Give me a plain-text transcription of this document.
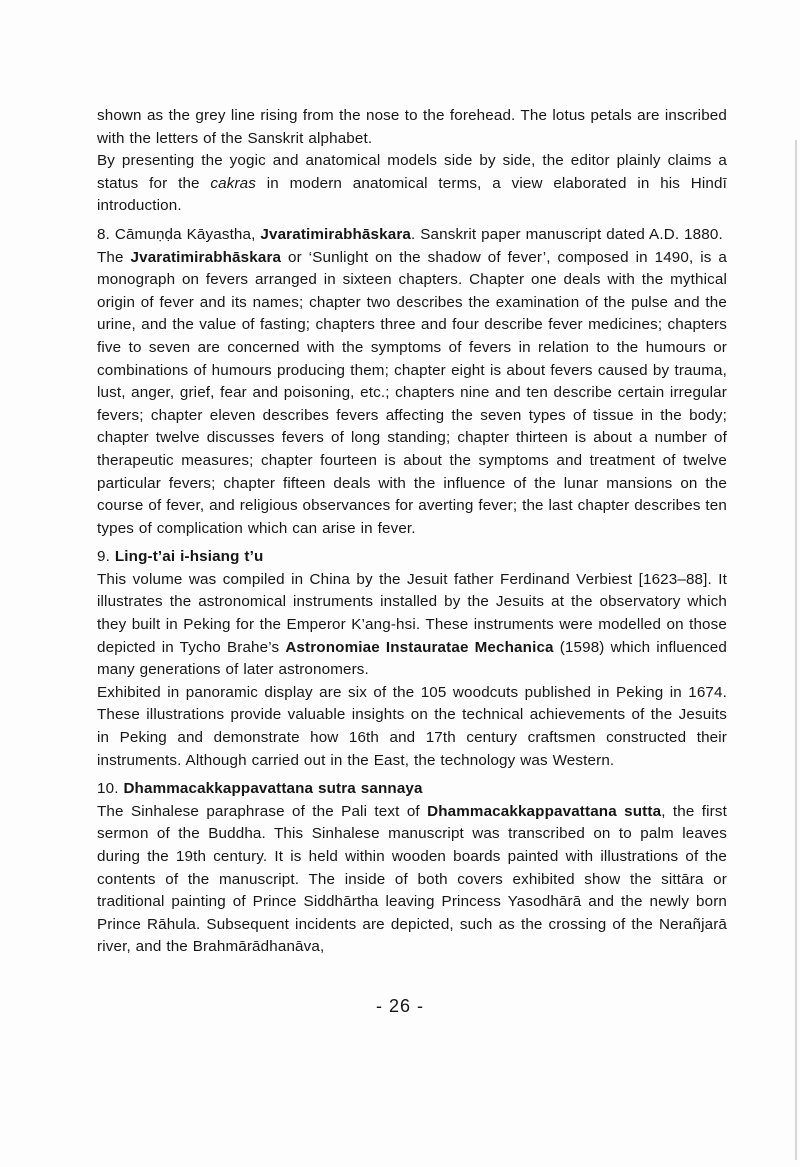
shown as the grey line rising from the nose to the forehead. The lotus petals are inscribed with the letters of the Sanskrit alphabet.

By presenting the yogic and anatomical models side by side, the editor plainly claims a status for the cakras in modern anatomical terms, a view elaborated in his Hindī introduction.

8. Cāmuṇḍa Kāyastha, Jvaratimirabhāskara. Sanskrit paper manuscript dated A.D. 1880.

The Jvaratimirabhāskara or ‘Sunlight on the shadow of fever’, composed in 1490, is a monograph on fevers arranged in sixteen chapters. Chapter one deals with the mythical origin of fever and its names; chapter two describes the examination of the pulse and the urine, and the value of fasting; chapters three and four describe fever medicines; chapters five to seven are concerned with the symptoms of fevers in relation to the humours or combinations of humours producing them; chapter eight is about fevers caused by trauma, lust, anger, grief, fear and poisoning, etc.; chapters nine and ten describe certain irregular fevers; chapter eleven describes fevers affecting the seven types of tissue in the body; chapter twelve discusses fevers of long standing; chapter thirteen is about a number of therapeutic measures; chapter fourteen is about the symptoms and treatment of twelve particular fevers; chapter fifteen deals with the influence of the lunar mansions on the course of fever, and religious observances for averting fever; the last chapter describes ten types of complication which can arise in fever.

9. Ling-t’ai i-hsiang t’u

This volume was compiled in China by the Jesuit father Ferdinand Verbiest [1623–88]. It illustrates the astronomical instruments installed by the Jesuits at the observatory which they built in Peking for the Emperor K’ang-hsi. These instruments were modelled on those depicted in Tycho Brahe’s Astronomiae Instauratae Mechanica (1598) which influenced many generations of later astronomers.

Exhibited in panoramic display are six of the 105 woodcuts published in Peking in 1674. These illustrations provide valuable insights on the technical achievements of the Jesuits in Peking and demonstrate how 16th and 17th century craftsmen constructed their instruments. Although carried out in the East, the technology was Western.

10. Dhammacakkappavattana sutra sannaya

The Sinhalese paraphrase of the Pali text of Dhammacakkappavattana sutta, the first sermon of the Buddha. This Sinhalese manuscript was transcribed on to palm leaves during the 19th century. It is held within wooden boards painted with illustrations of the contents of the manuscript. The inside of both covers exhibited show the sittāra or traditional painting of Prince Siddhārtha leaving Princess Yasodhārā and the newly born Prince Rāhula. Subsequent incidents are depicted, such as the crossing of the Nerañjarā river, and the Brahmārādhanāva,

- 26 -
